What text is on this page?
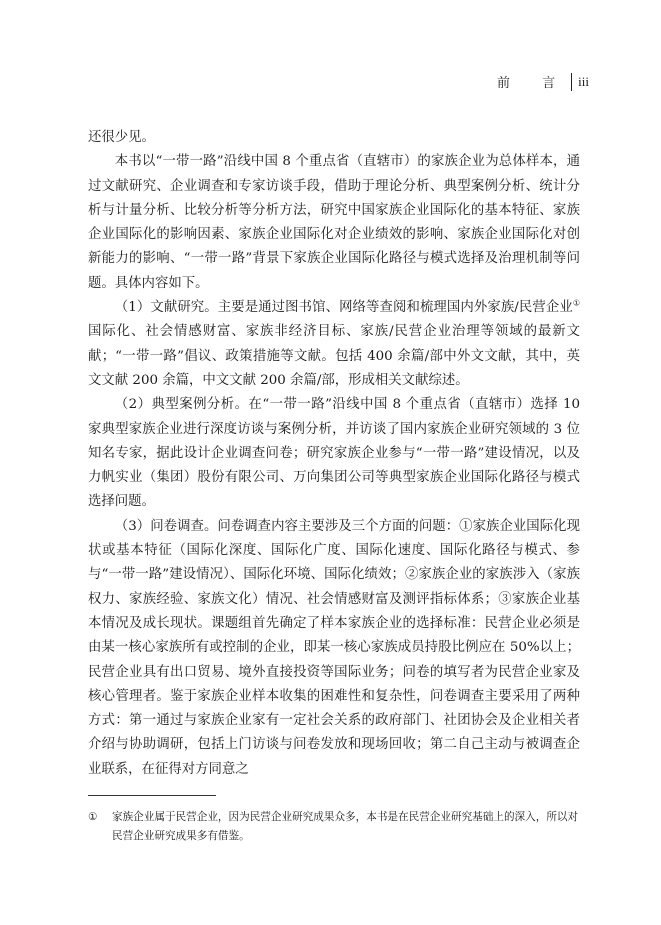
前 言 iii

还很少见。

本书以“一带一路”沿线中国 8 个重点省（直辖市）的家族企业为总体样本，通过文献研究、企业调查和专家访谈手段，借助于理论分析、典型案例分析、统计分析与计量分析、比较分析等分析方法，研究中国家族企业国际化的基本特征、家族企业国际化的影响因素、家族企业国际化对企业绩效的影响、家族企业国际化对创新能力的影响、“一带一路”背景下家族企业国际化路径与模式选择及治理机制等问题。具体内容如下。

（1）文献研究。主要是通过图书馆、网络等查阅和梳理国内外家族/民营企业①国际化、社会情感财富、家族非经济目标、家族/民营企业治理等领域的最新文献；“一带一路”倡议、政策措施等文献。包括 400 余篇/部中外文文献，其中，英文文献 200 余篇，中文文献 200 余篇/部，形成相关文献综述。

（2）典型案例分析。在“一带一路”沿线中国 8 个重点省（直辖市）选择 10 家典型家族企业进行深度访谈与案例分析，并访谈了国内家族企业研究领域的 3 位知名专家，据此设计企业调查问卷；研究家族企业参与“一带一路”建设情况，以及力帆实业（集团）股份有限公司、万向集团公司等典型家族企业国际化路径与模式选择问题。

（3）问卷调查。问卷调查内容主要涉及三个方面的问题：①家族企业国际化现状或基本特征（国际化深度、国际化广度、国际化速度、国际化路径与模式、参与“一带一路”建设情况）、国际化环境、国际化绩效；②家族企业的家族涉入（家族权力、家族经验、家族文化）情况、社会情感财富及测评指标体系；③家族企业基本情况及成长现状。课题组首先确定了样本家族企业的选择标准：民营企业必须是由某一核心家族所有或控制的企业，即某一核心家族成员持股比例应在 50%以上；民营企业具有出口贸易、境外直接投资等国际业务；问卷的填写者为民营企业家及核心管理者。鉴于家族企业样本收集的困难性和复杂性，问卷调查主要采用了两种方式：第一通过与家族企业家有一定社会关系的政府部门、社团协会及企业相关者介绍与协助调研，包括上门访谈与问卷发放和现场回收；第二自己主动与被调查企业联系，在征得对方同意之

①	家族企业属于民营企业，因为民营企业研究成果众多，本书是在民营企业研究基础上的深入，所以对民营企业研究成果多有借鉴。
